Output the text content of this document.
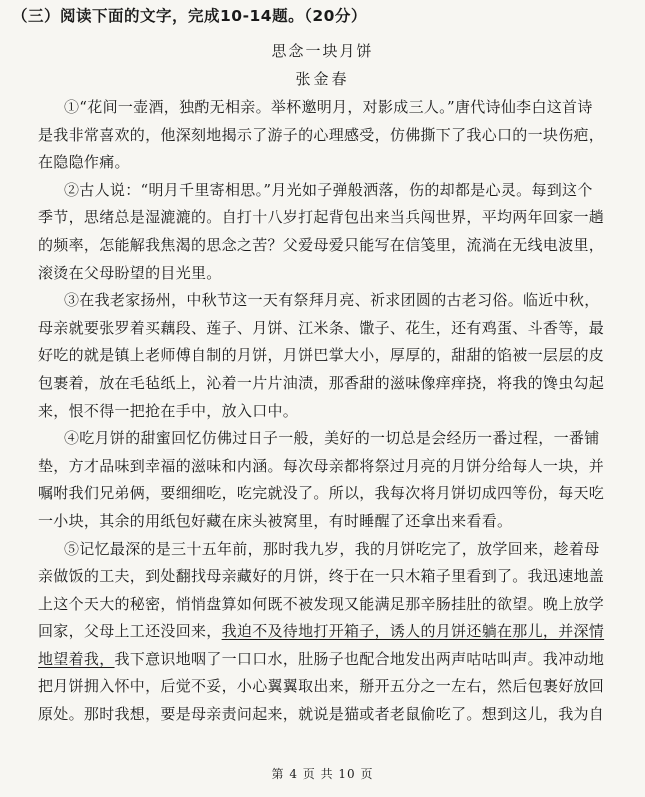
（三）阅读下面的文字，完成10-14题。（20分）
思念一块月饼
张金春
①“花间一壶酒，独酌无相亲。举杯邀明月，对影成三人。”唐代诗仙李白这首诗
是我非常喜欢的，他深刻地揭示了游子的心理感受，仿佛撕下了我心口的一块伤疤，
在隐隐作痛。
②古人说：“明月千里寄相思。”月光如子弹般洒落，伤的却都是心灵。每到这个
季节，思绪总是湿漉漉的。自打十八岁打起背包出来当兵闯世界，平均两年回家一趟
的频率，怎能解我焦渴的思念之苦？父爱母爱只能写在信笺里，流淌在无线电波里，
滚烫在父母盼望的目光里。
③在我老家扬州，中秋节这一天有祭拜月亮、祈求团圆的古老习俗。临近中秋，
母亲就要张罗着买藕段、莲子、月饼、江米条、馓子、花生，还有鸡蛋、斗香等，最
好吃的就是镇上老师傅自制的月饼，月饼巴掌大小，厚厚的，甜甜的馅被一层层的皮
包裹着，放在毛毡纸上，沁着一片片油渍，那香甜的滋味像痒痒挠，将我的馋虫勾起
来，恨不得一把抢在手中，放入口中。
④吃月饼的甜蜜回忆仿佛过日子一般，美好的一切总是会经历一番过程，一番铺
垫，方才品味到幸福的滋味和内涵。每次母亲都将祭过月亮的月饼分给每人一块，并
嘱咐我们兄弟俩，要细细吃，吃完就没了。所以，我每次将月饼切成四等份，每天吃
一小块，其余的用纸包好藏在床头被窝里，有时睡醒了还拿出来看看。
⑤记忆最深的是三十五年前，那时我九岁，我的月饼吃完了，放学回来，趁着母
亲做饭的工夫，到处翻找母亲藏好的月饼，终于在一只木箱子里看到了。我迅速地盖
上这个天大的秘密，悄悄盘算如何既不被发现又能满足那辛肠挂肚的欲望。晚上放学
回家，父母上工还没回来，我迫不及待地打开箱子，诱人的月饼还躺在那儿，并深情
地望着我，我下意识地咽了一口口水，肚肠子也配合地发出两声咕咕叫声。我冲动地
把月饼拥入怀中，后觉不妥，小心翼翼取出来，掰开五分之一左右，然后包裹好放回
原处。那时我想，要是母亲责问起来，就说是猫或者老鼠偷吃了。想到这儿，我为自
第 4 页 共 10 页
